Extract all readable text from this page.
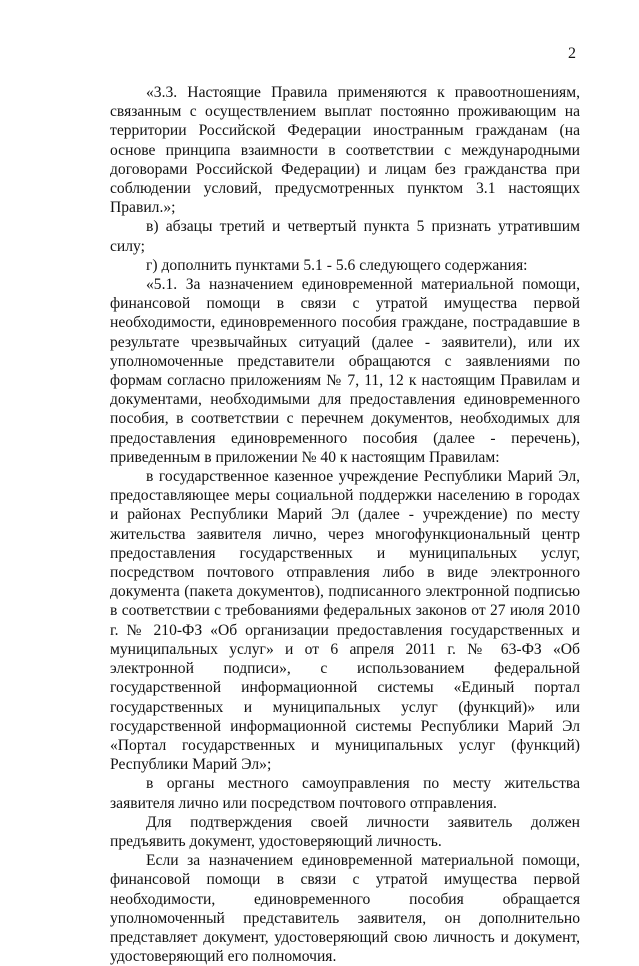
2

«3.3. Настоящие Правила применяются к правоотношениям, связанным с осуществлением выплат постоянно проживающим на территории Российской Федерации иностранным гражданам (на основе принципа взаимности в соответствии с международными договорами Российской Федерации) и лицам без гражданства при соблюдении условий, предусмотренных пунктом 3.1 настоящих Правил.»;

в) абзацы третий и четвертый пункта 5 признать утратившим силу;

г) дополнить пунктами 5.1 - 5.6 следующего содержания:

«5.1. За назначением единовременной материальной помощи, финансовой помощи в связи с утратой имущества первой необходимости, единовременного пособия граждане, пострадавшие в результате чрезвычайных ситуаций (далее - заявители), или их уполномоченные представители обращаются с заявлениями по формам согласно приложениям № 7, 11, 12 к настоящим Правилам и документами, необходимыми для предоставления единовременного пособия, в соответствии с перечнем документов, необходимых для предоставления единовременного пособия (далее - перечень), приведенным в приложении № 40 к настоящим Правилам:

в государственное казенное учреждение Республики Марий Эл, предоставляющее меры социальной поддержки населению в городах и районах Республики Марий Эл (далее - учреждение) по месту жительства заявителя лично, через многофункциональный центр предоставления государственных и муниципальных услуг, посредством почтового отправления либо в виде электронного документа (пакета документов), подписанного электронной подписью в соответствии с требованиями федеральных законов от 27 июля 2010 г. № 210-ФЗ «Об организации предоставления государственных и муниципальных услуг» и от 6 апреля 2011 г. № 63-ФЗ «Об электронной подписи», с использованием федеральной государственной информационной системы «Единый портал государственных и муниципальных услуг (функций)» или государственной информационной системы Республики Марий Эл «Портал государственных и муниципальных услуг (функций) Республики Марий Эл»;

в органы местного самоуправления по месту жительства заявителя лично или посредством почтового отправления.

Для подтверждения своей личности заявитель должен предъявить документ, удостоверяющий личность.

Если за назначением единовременной материальной помощи, финансовой помощи в связи с утратой имущества первой необходимости, единовременного пособия обращается уполномоченный представитель заявителя, он дополнительно представляет документ, удостоверяющий свою личность и документ, удостоверяющий его полномочия.
